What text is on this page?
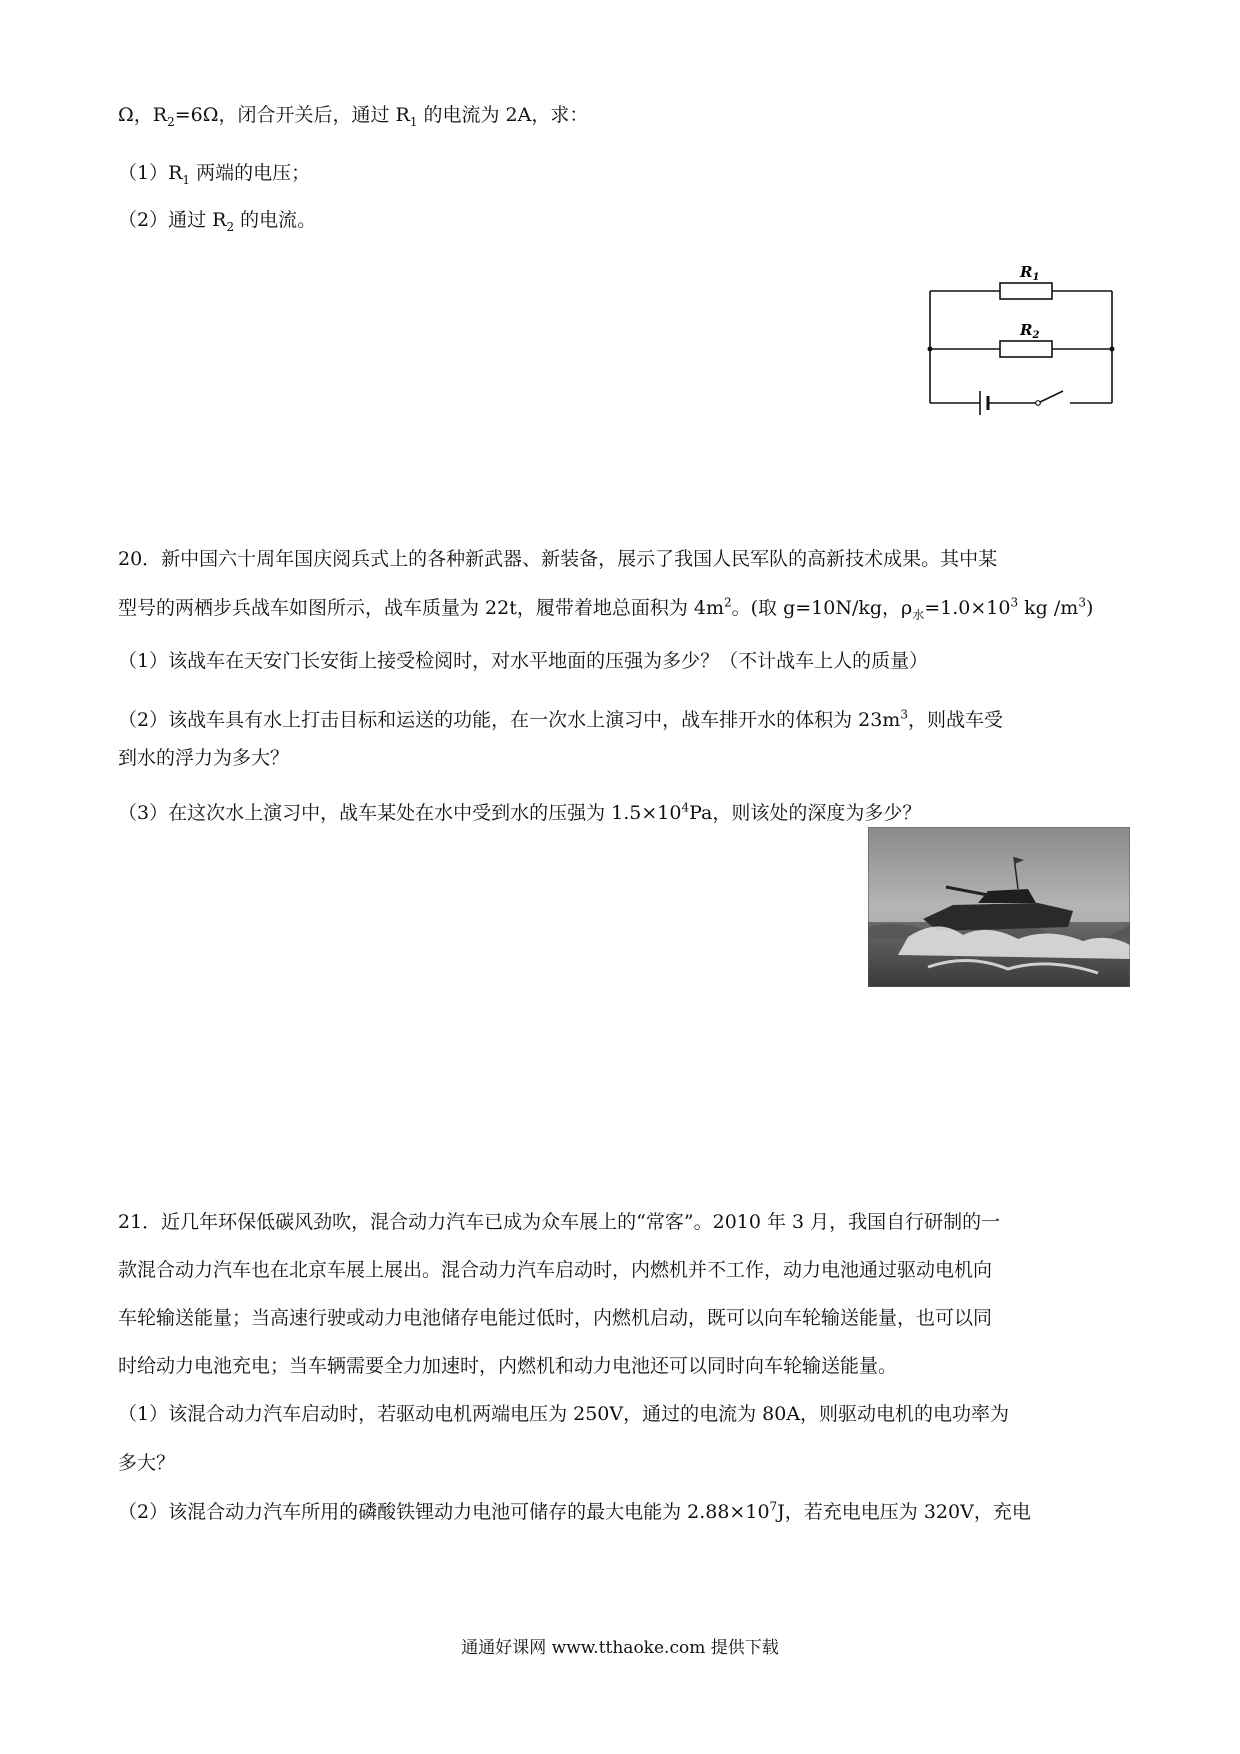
Ω，$R_2=6\Omega$，闭合开关后，通过 $R_1$ 的电流为 2A，求：
$(1)R_1$ 两端的电压；
（2）通过 $R_2$ 的电流。
$R_1$
$R_2$
20．新中国六十周年国庆阅兵式上的各种新武器、新装备，展示了我国人民军队的高新技术成果。其中某
型号的两栖步兵战车如图所示，战车质量为 22t，履带着地总面积为 $4m^2$。(取 g=10N/kg，$\rho_水=1.0\times 10^3$ kg $/m^3$)
（1）该战车在天安门长安街上接受检阅时，对水平地面的压强为多少？（不计战车上人的质量）
（2）该战车具有水上打击目标和运送的功能，在一次水上演习中，战车排开水的体积为 $23m^3$，则战车受
到水的浮力为多大？
（3）在这次水上演习中，战车某处在水中受到水的压强为 $1.5\times 10^4Pa$，则该处的深度为多少？
21．近几年环保低碳风劲吹，混合动力汽车已成为众车展上的“常客”。2010 年 3 月，我国自行研制的一
款混合动力汽车也在北京车展上展出。混合动力汽车启动时，内燃机并不工作，动力电池通过驱动电机向
车轮输送能量；当高速行驶或动力电池储存电能过低时，内燃机启动，既可以向车轮输送能量，也可以同
时给动力电池充电；当车辆需要全力加速时，内燃机和动力电池还可以同时向车轮输送能量。
（1）该混合动力汽车启动时，若驱动电机两端电压为 250V，通过的电流为 80A，则驱动电机的电功率为
多大？
（2）该混合动力汽车所用的磷酸铁锂动力电池可储存的最大电能为 $2.88\times 10^7J$，若充电电压为 320V，充电
通通好课网 www.tthaoke.com 提供下载
